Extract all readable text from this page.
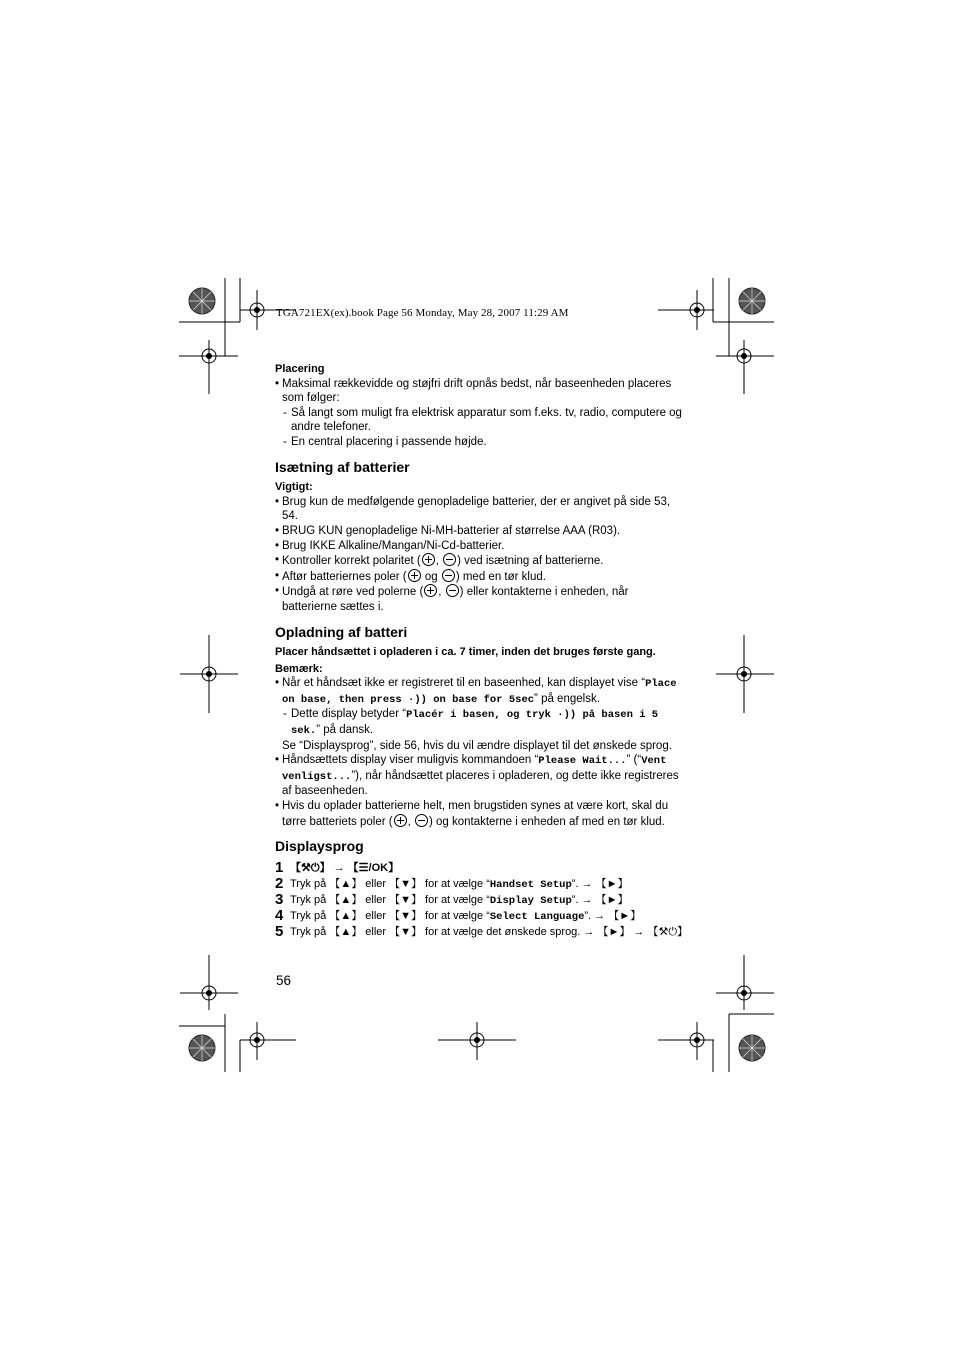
TGA721EX(ex).book Page 56 Monday, May 28, 2007 11:29 AM
Placering
• Maksimal rækkevidde og støjfri drift opnås bedst, når baseenheden placeres som følger:
- Så langt som muligt fra elektrisk apparatur som f.eks. tv, radio, computere og andre telefoner.
- En central placering i passende højde.
Isætning af batterier
Vigtigt:
• Brug kun de medfølgende genopladelige batterier, der er angivet på side 53, 54.
• BRUG KUN genopladelige Ni-MH-batterier af størrelse AAA (R03).
• Brug IKKE Alkaline/Mangan/Ni-Cd-batterier.
• Kontroller korrekt polaritet ( , ) ved isætning af batterierne.
• Aftør batteriernes poler ( og ) med en tør klud.
• Undgå at røre ved polerne ( , ) eller kontakterne i enheden, når batterierne sættes i.
Opladning af batteri
Placer håndsættet i opladeren i ca. 7 timer, inden det bruges første gang.
Bemærk:
• Når et håndsæt ikke er registreret til en baseenhed, kan displayet vise “Place on base, then press ·)) on base for 5sec” på engelsk.
- Dette display betyder “Placér i basen, og tryk ·)) på basen i 5 sek.” på dansk.
Se “Displaysprog”, side 56, hvis du vil ændre displayet til det ønskede sprog.
• Håndsættets display viser muligvis kommandoen “Please Wait...” (“Vent venligst...”), når håndsættet placeres i opladeren, og dette ikke registreres af baseenheden.
• Hvis du oplader batterierne helt, men brugstiden synes at være kort, skal du tørre batteriets poler ( , ) og kontakterne i enheden af med en tør klud.
Displaysprog
1 【⚒⏻】 → 【☰/OK】
2 Tryk på 【▲】 eller 【▼】 for at vælge “Handset Setup”. → 【►】
3 Tryk på 【▲】 eller 【▼】 for at vælge “Display Setup”. → 【►】
4 Tryk på 【▲】 eller 【▼】 for at vælge “Select Language”. → 【►】
5 Tryk på 【▲】 eller 【▼】 for at vælge det ønskede sprog. → 【►】 → 【⚒⏻】
56
